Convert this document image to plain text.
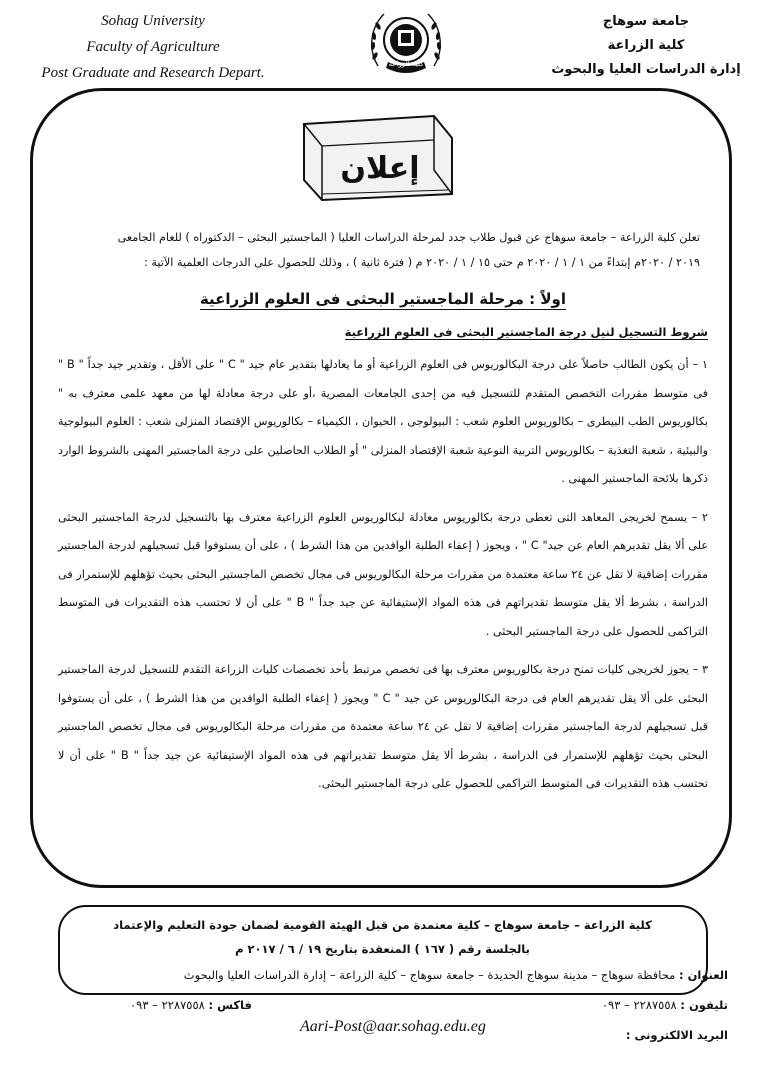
Sohag University
Faculty of Agriculture
Post Graduate and Research Depart.
كلية الزراعة
جامعة سوهاج
كلية الزراعة
إدارة الدراسات العليا والبحوث
إعلان

تعلن كلية الزراعة – جامعة سوهاج عن قبول طلاب جدد لمرحلة الدراسات العليا ( الماجستير البحثى – الدكتوراه ) للعام الجامعى

٢٠١٩ / ٢٠٢٠م إبتداءً من ١ / ١ / ٢٠٢٠ م حتى ١٥ / ١ / ٢٠٢٠ م ( فترة ثانية ) ، وذلك للحصول على الدرجات العلمية الآتية :

اولاً : مرحلة الماجستير البحثى فى العلوم الزراعية
شروط التسجيل لنيل درجة الماجستير البحثى فى العلوم الزراعية

١ – أن يكون الطالب حاصلاً على درجة البكالوريوس فى العلوم الزراعية أو ما يعادلها بتقدير عام جيد " C " على الأقل ، وتقدير جيد جداً " B " فى متوسط مقررات التخصص المتقدم للتسجيل فيه من إحدى الجامعات المصرية ،أو على درجة معادلة لها من معهد علمى معترف به " بكالوريوس الطب البيطرى – بكالوريوس العلوم شعب : البيولوجى ، الحيوان ، الكيمياء – بكالوريوس الإقتصاد المنزلى شعب : العلوم البيولوجية والبيئية ، شعبة التغذية – بكالوريوس التربية النوعية شعبة الإقتصاد المنزلى " أو الطلاب الحاصلين على درجة الماجستير المهنى بالشروط الوارد ذكرها بلائحة الماجستير المهنى .

٢ – يسمح لخريجى المعاهد التى تعطى درجة بكالوريوس معادلة لبكالوريوس العلوم الزراعية معترف بها بالتسجيل لدرجة الماجستير البحثى على ألا يقل تقديرهم العام عن جيد" C " ، ويجوز ( إعفاء الطلبة الوافدين من هذا الشرط ) ، على أن يستوفوا قبل تسجيلهم لدرجة الماجستير مقررات إضافية لا تقل عن ٢٤ ساعة معتمدة من مقررات مرحلة البكالوريوس فى مجال تخصص الماجستير البحثى بحيث تؤهلهم للإستمرار فى الدراسة ، بشرط ألا يقل متوسط تقديراتهم فى هذه المواد الإستيفائية عن جيد جداً " B " على أن لا تحتسب هذه التقديرات فى المتوسط التراكمى للحصول على درجة الماجستير البحثى .

٣ – يجوز لخريجى كليات تمنح درجة بكالوريوس معترف بها فى تخصص مرتبط بأحد تخصصات كليات الزراعة التقدم للتسجيل لدرجة الماجستير البحثى على ألا يقل تقديرهم العام فى درجة البكالوريوس عن جيد " C " ويجوز ( إعفاء الطلبة الوافدين من هذا الشرط ) ، على أن يستوفوا قبل تسجيلهم لدرجة الماجستير مقررات إضافية لا تقل عن ٢٤ ساعة معتمدة من مقررات مرحلة البكالوريوس فى مجال تخصص الماجستير البحثى بحيث تؤهلهم للإستمرار فى الدراسة ، بشرط ألا يقل متوسط تقديراتهم فى هذه المواد الإستيفائية عن جيد جداً " B " على أن لا تحتسب هذه التقديرات فى المتوسط التراكمى للحصول على درجة الماجستير البحثى.

كلية الزراعة – جامعة سوهاج – كلية معتمدة من قبل الهيئة القومية لضمان جودة التعليم والإعتماد
بالجلسة رقم ( ١٦٧ ) المنعقدة بتاريخ ١٩ / ٦ / ٢٠١٧ م
العنوان : محافظة سوهاج – مدينة سوهاج الجديدة – جامعة سوهاج – كلية الزراعة – إدارة الدراسات العليا والبحوث
تليفون : ٢٢٨٧٥٥٨ – ٠٩٣
فاكس : ٢٢٨٧٥٥٨ – ٠٩٣
البريد الالكترونى :
Aari-Post@aar.sohag.edu.eg
